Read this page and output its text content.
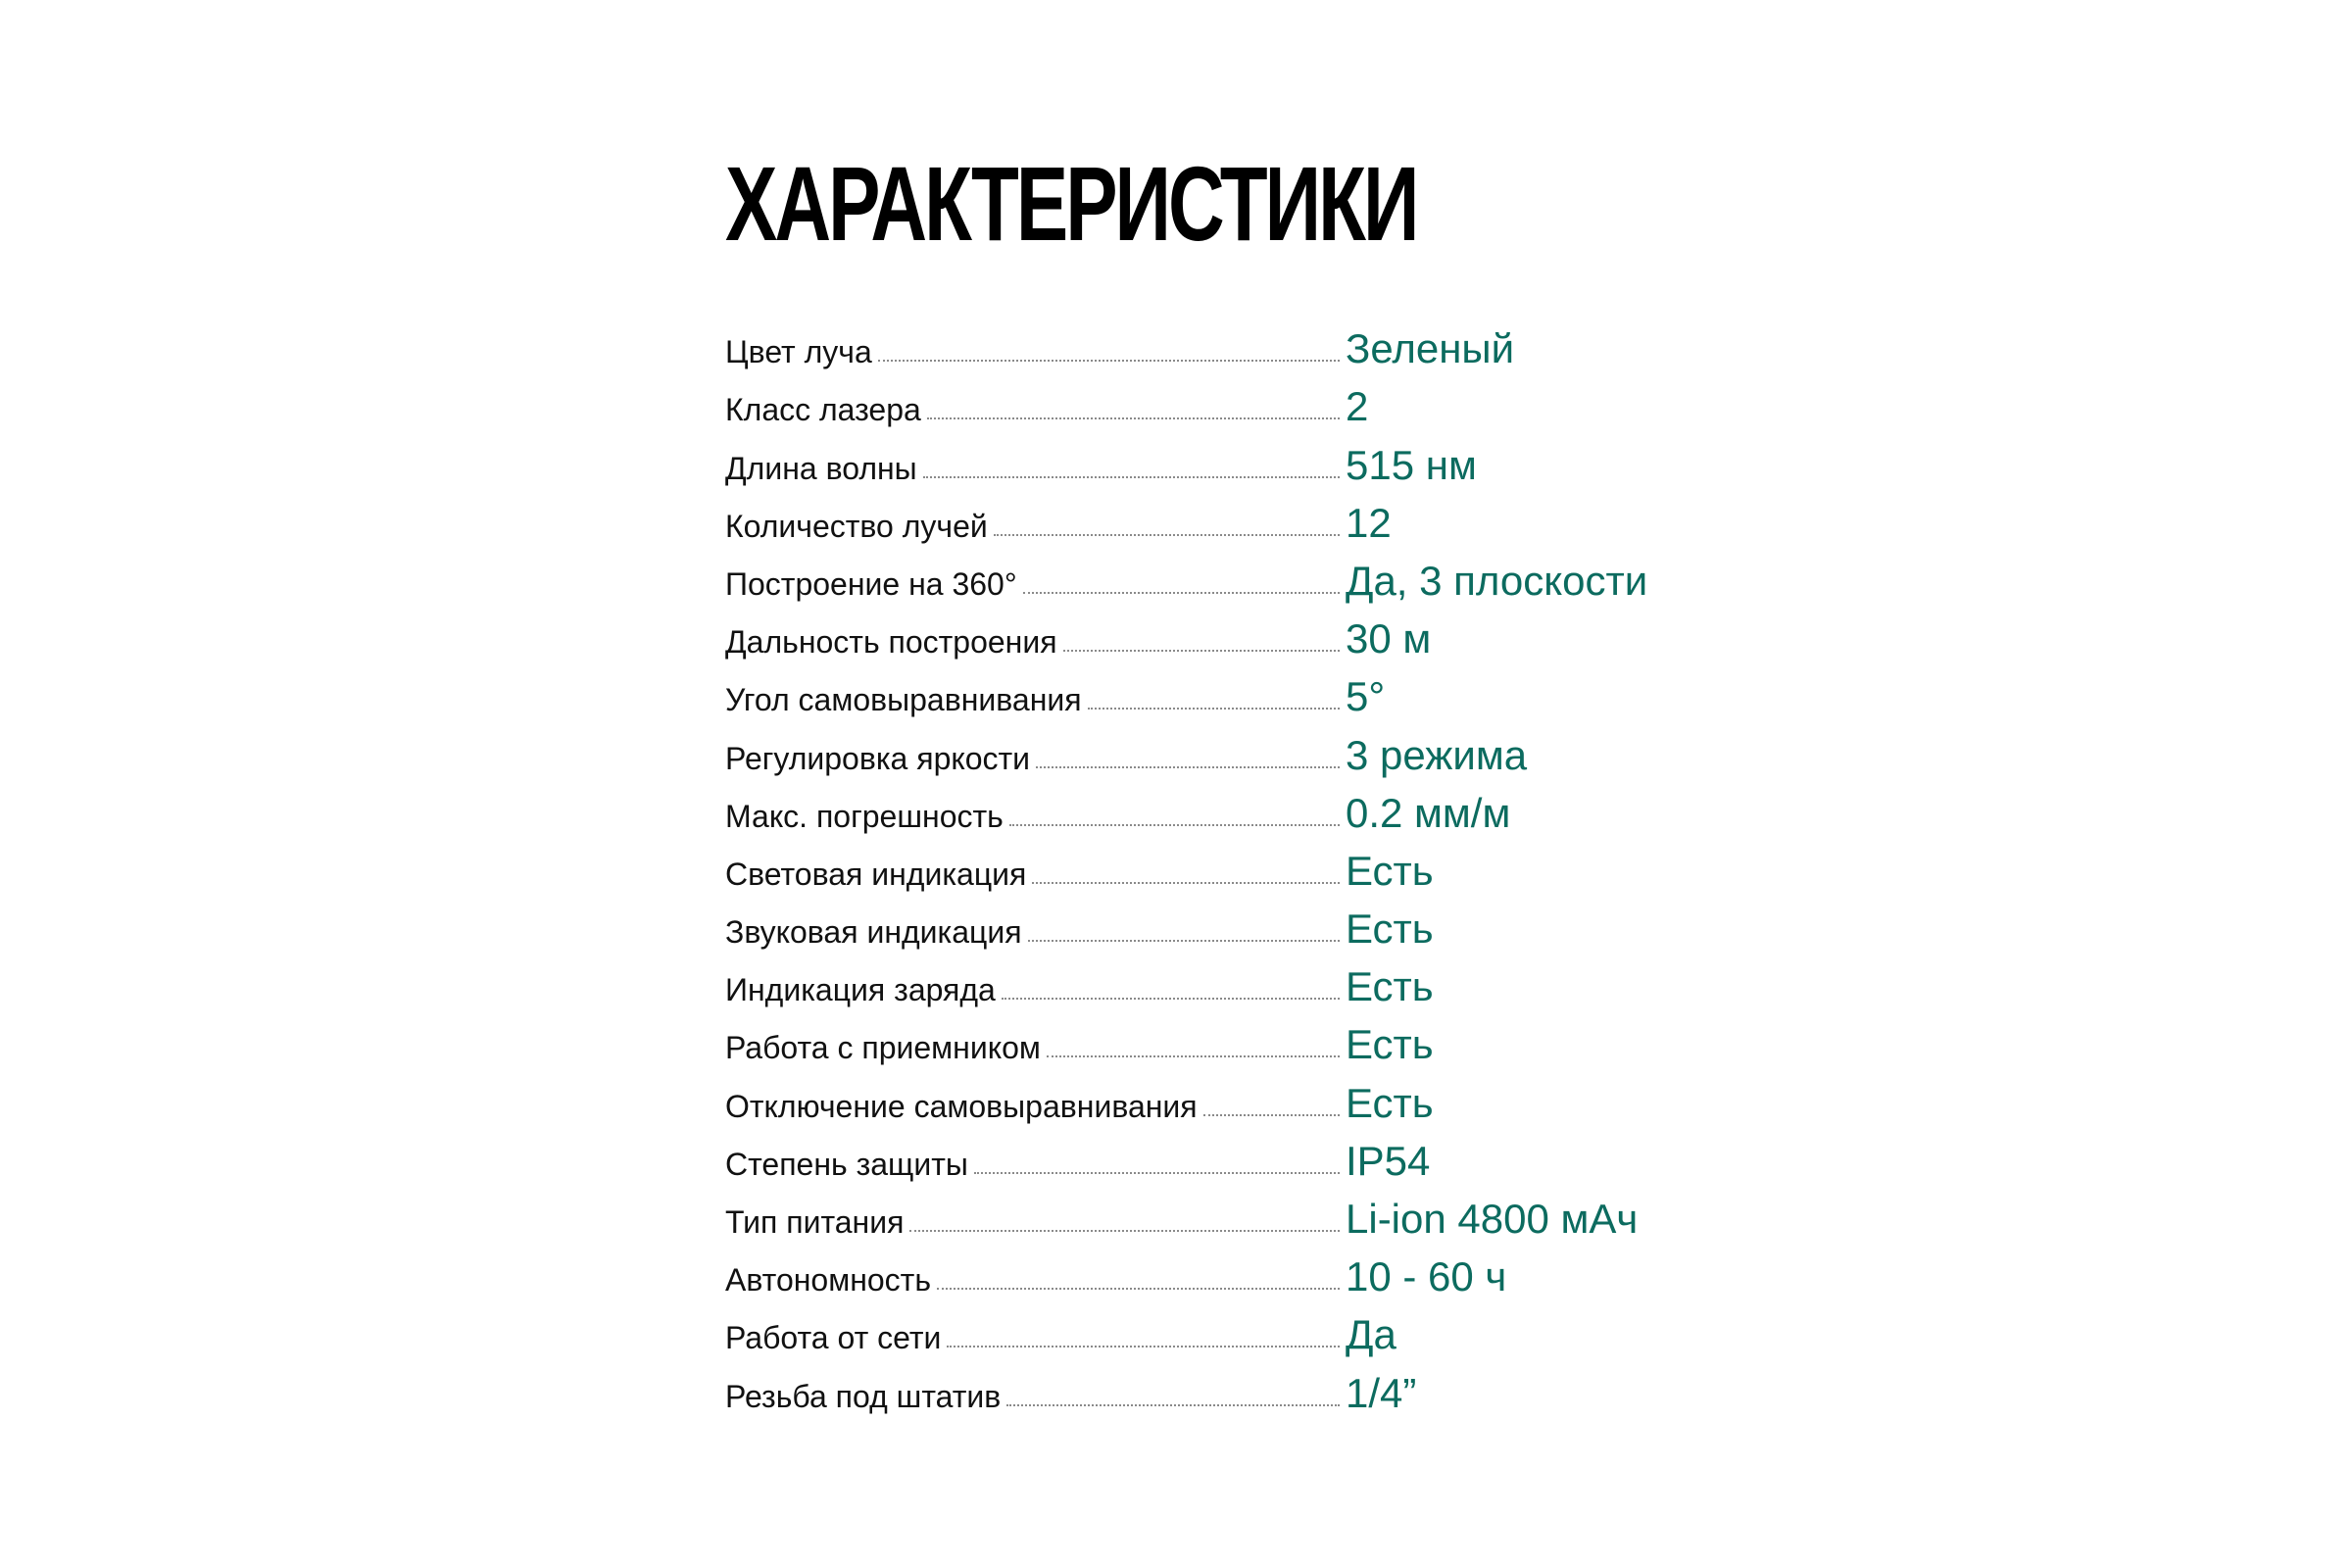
ХАРАКТЕРИСТИКИ
Цвет луча	Зеленый
Класс лазера	2
Длина волны	515 нм
Количество лучей	12
Построение на 360°	Да, 3 плоскости
Дальность построения	30 м
Угол самовыравнивания	5°
Регулировка яркости	3 режима
Макс. погрешность	0.2 мм/м
Световая индикация	Есть
Звуковая индикация	Есть
Индикация заряда	Есть
Работа с приемником	Есть
Отключение самовыравнивания	Есть
Степень защиты	IP54
Тип питания	Li-ion 4800 мАч
Автономность	10 - 60 ч
Работа от сети	Да
Резьба под штатив	1/4”
